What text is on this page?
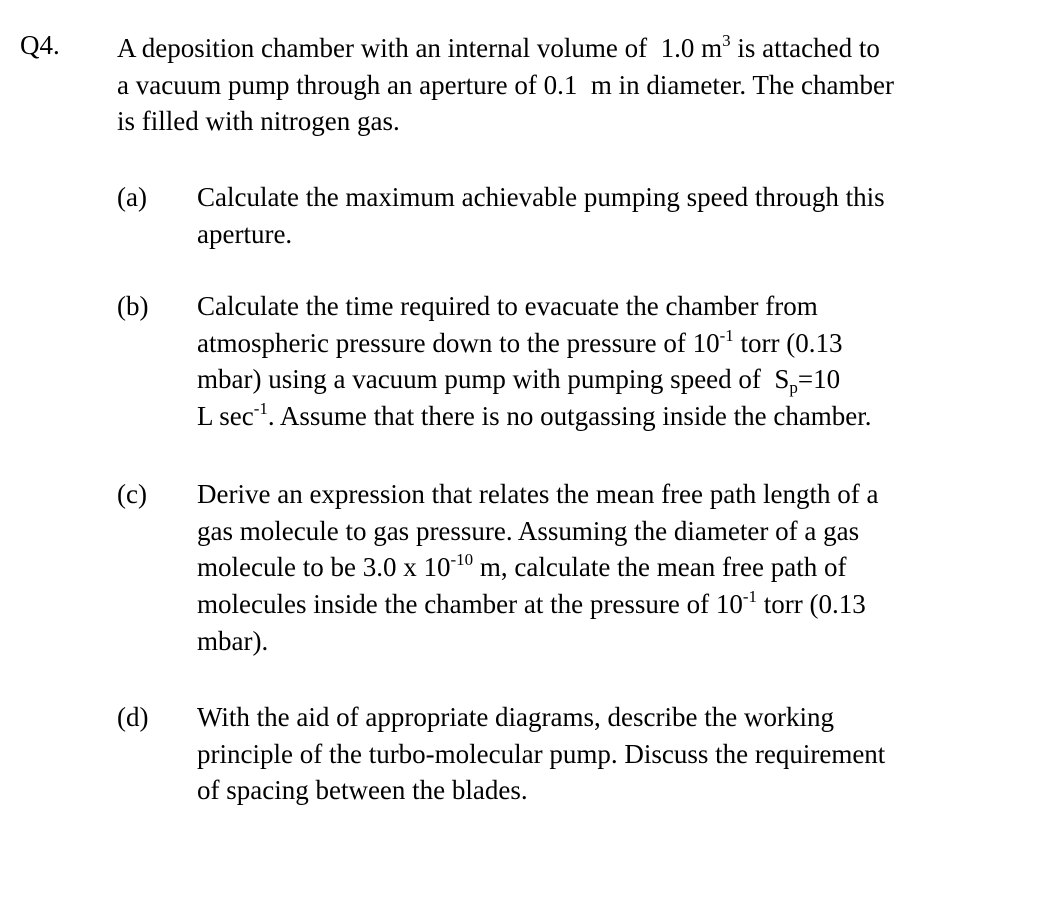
Q4. A deposition chamber with an internal volume of  1.0 $m^3$ is attached to
a vacuum pump through an aperture of 0.1  m in diameter. The chamber
is filled with nitrogen gas.
(a) Calculate the maximum achievable pumping speed through this
aperture.
(b) Calculate the time required to evacuate the chamber from
atmospheric pressure down to the pressure of $10^{-1}$ torr (0.13
mbar) using a vacuum pump with pumping speed of  $S_p=10$
L $\sec^{-1}$. Assume that there is no outgassing inside the chamber.
(c) Derive an expression that relates the mean free path length of a
gas molecule to gas pressure. Assuming the diameter of a gas
molecule to be 3.0 x $10^{-10}$ m, calculate the mean free path of
molecules inside the chamber at the pressure of $10^{-1}$ torr (0.13
mbar).
(d) With the aid of appropriate diagrams, describe the working
principle of the turbo-molecular pump. Discuss the requirement
of spacing between the blades.
